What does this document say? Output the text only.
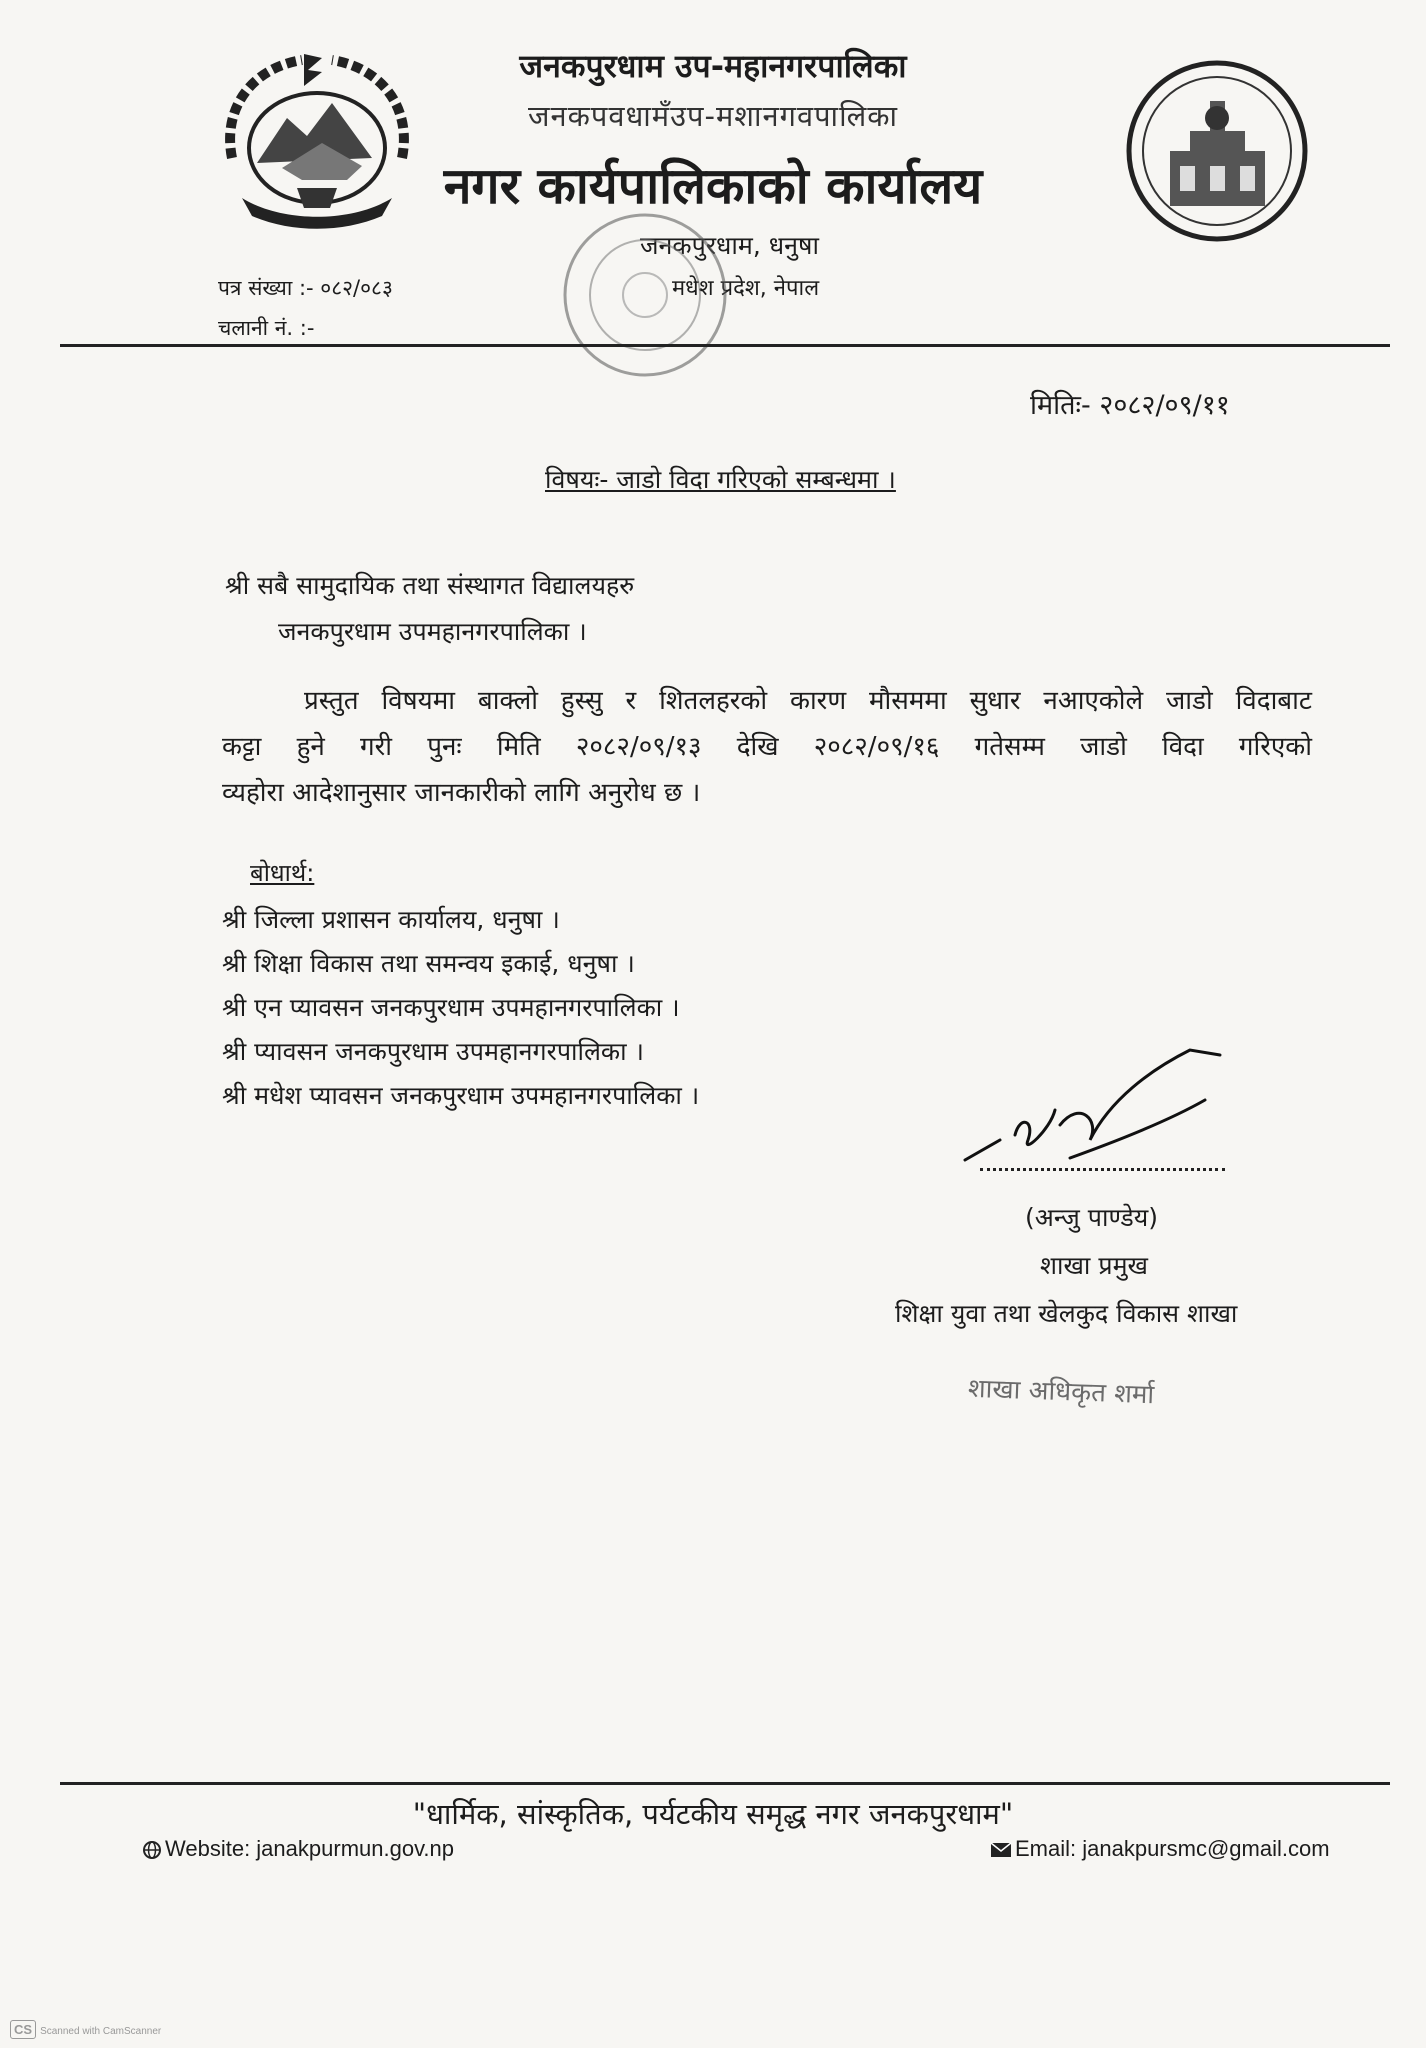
जनकपुरधाम उप-महानगरपालिका
जनकपवधामँउप-मशानगवपालिका
नगर कार्यपालिकाको कार्यालय
जनकपुरधाम, धनुषा
मधेश प्रदेश, नेपाल
पत्र संख्या :- ०८२/०८३
चलानी नं. :-
मितिः- २०८२/०९/११
विषयः- जाडो विदा गरिएको सम्बन्धमा ।
श्री सबै सामुदायिक तथा संस्थागत विद्यालयहरु
जनकपुरधाम उपमहानगरपालिका ।
प्रस्तुत विषयमा बाक्लो हुस्सु र शितलहरको कारण मौसममा सुधार नआएकोले जाडो विदाबाट
कट्टा हुने गरी पुनः मिति २०८२/०९/१३ देखि २०८२/०९/१६ गतेसम्म जाडो विदा गरिएको
व्यहोरा आदेशानुसार जानकारीको लागि अनुरोध छ ।
बोधार्थ:
श्री जिल्ला प्रशासन कार्यालय, धनुषा ।
श्री शिक्षा विकास तथा समन्वय इकाई, धनुषा ।
श्री एन प्यावसन जनकपुरधाम उपमहानगरपालिका ।
श्री प्यावसन जनकपुरधाम उपमहानगरपालिका ।
श्री मधेश प्यावसन जनकपुरधाम उपमहानगरपालिका ।
(अन्जु पाण्डेय)
शाखा प्रमुख
शिक्षा युवा तथा खेलकुद विकास शाखा
शाखा अधिकृत शर्मा
"धार्मिक, सांस्कृतिक, पर्यटकीय समृद्ध नगर जनकपुरधाम"
Website: janakpurmun.gov.np	Email: janakpursmc@gmail.com
CS Scanned with CamScanner
